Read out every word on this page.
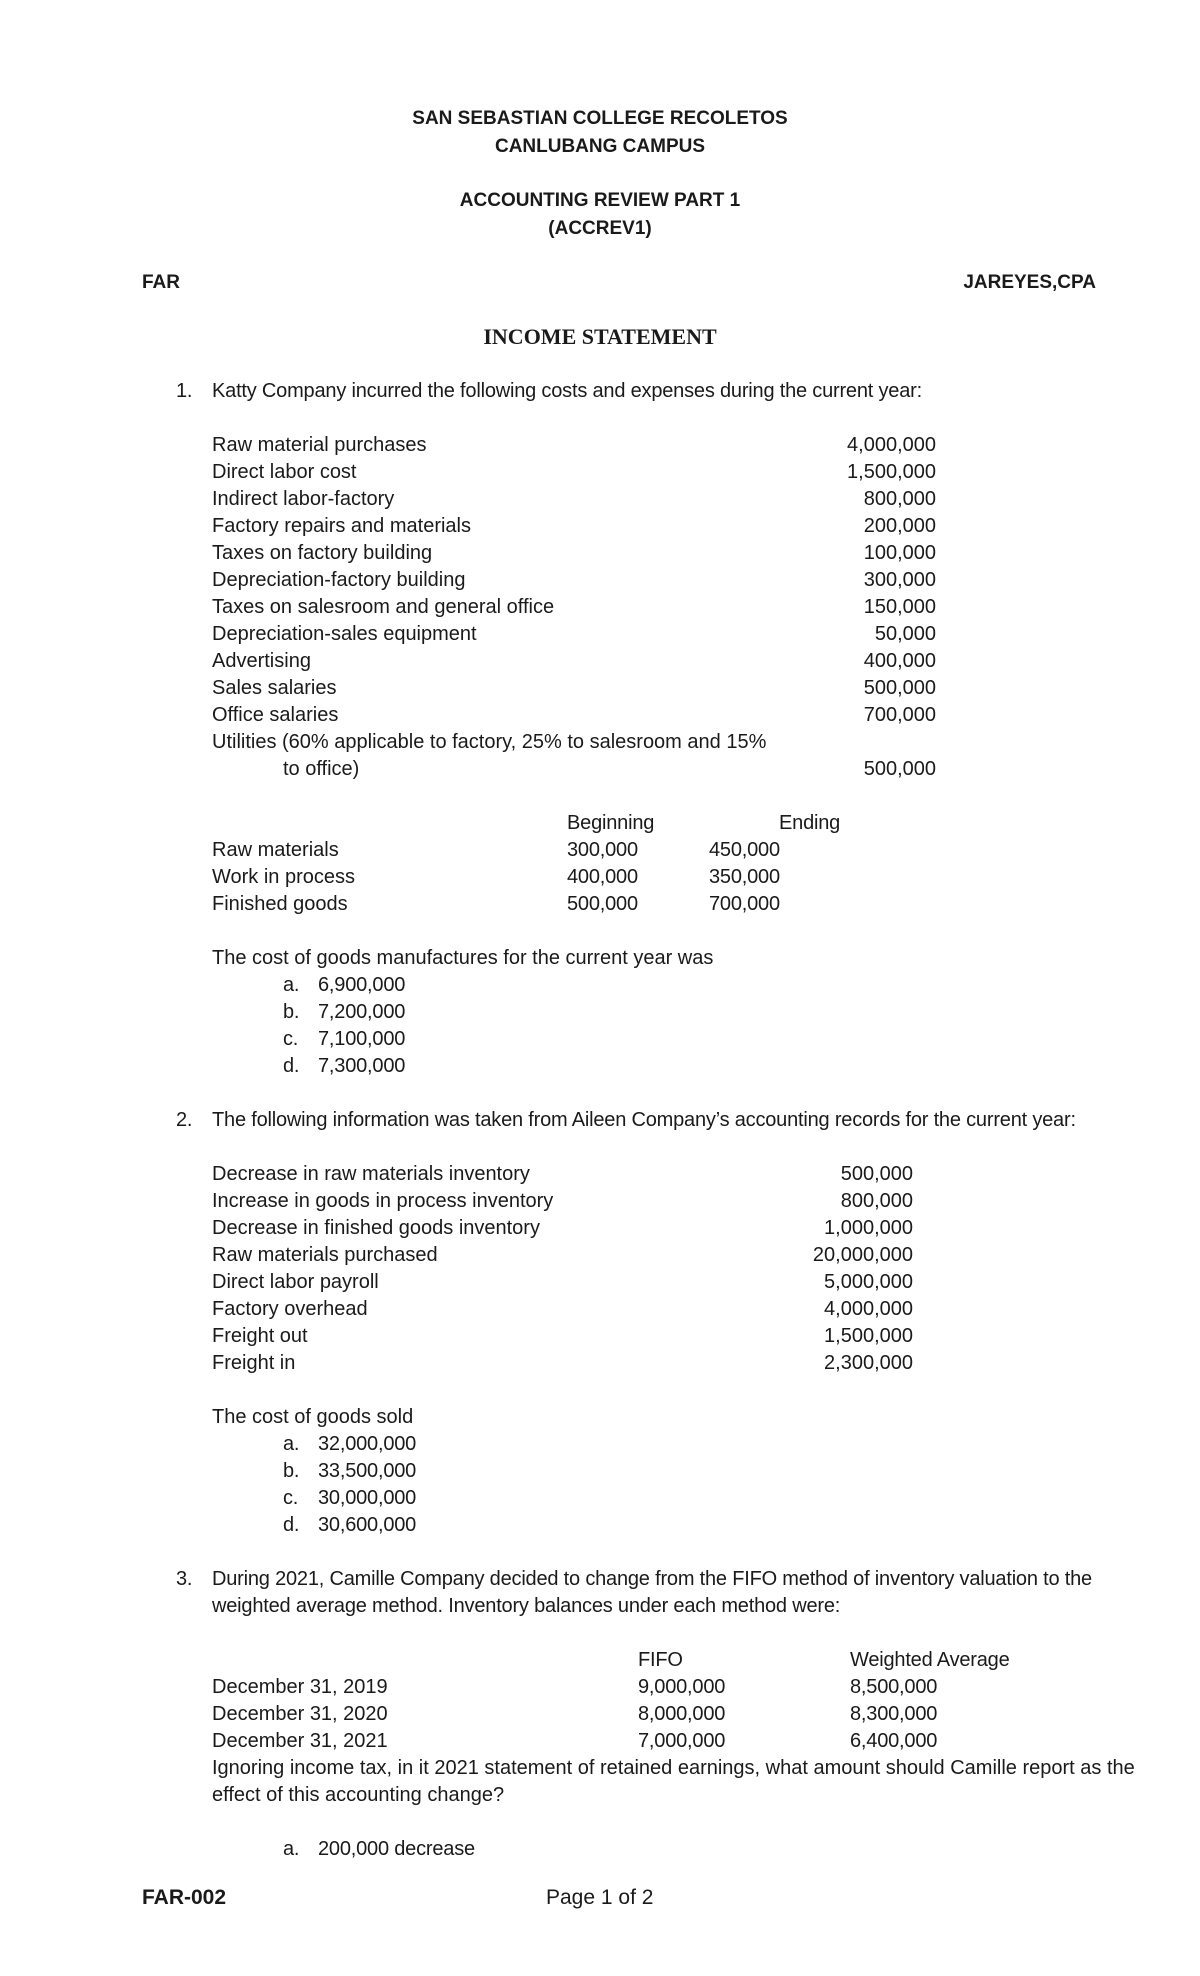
SAN SEBASTIAN COLLEGE RECOLETOS
CANLUBANG CAMPUS
ACCOUNTING REVIEW PART 1
(ACCREV1)
FAR	JAREYES,CPA
INCOME STATEMENT
1. Katty Company incurred the following costs and expenses during the current year:
Raw material purchases	4,000,000
Direct labor cost	1,500,000
Indirect labor-factory	800,000
Factory repairs and materials	200,000
Taxes on factory building	100,000
Depreciation-factory building	300,000
Taxes on salesroom and general office	150,000
Depreciation-sales equipment	50,000
Advertising	400,000
Sales salaries	500,000
Office salaries	700,000
Utilities (60% applicable to factory, 25% to salesroom and 15%
to office)	500,000
Beginning	Ending
Raw materials	300,000	450,000
Work in process	400,000	350,000
Finished goods	500,000	700,000
The cost of goods manufactures for the current year was
a. 6,900,000
b. 7,200,000
c. 7,100,000
d. 7,300,000
2. The following information was taken from Aileen Company’s accounting records for the current year:
Decrease in raw materials inventory	500,000
Increase in goods in process inventory	800,000
Decrease in finished goods inventory	1,000,000
Raw materials purchased	20,000,000
Direct labor payroll	5,000,000
Factory overhead	4,000,000
Freight out	1,500,000
Freight in	2,300,000
The cost of goods sold
a. 32,000,000
b. 33,500,000
c. 30,000,000
d. 30,600,000
3. During 2021, Camille Company decided to change from the FIFO method of inventory valuation to the
weighted average method. Inventory balances under each method were:
FIFO	Weighted Average
December 31, 2019	9,000,000	8,500,000
December 31, 2020	8,000,000	8,300,000
December 31, 2021	7,000,000	6,400,000
Ignoring income tax, in it 2021 statement of retained earnings, what amount should Camille report as the
effect of this accounting change?
a. 200,000 decrease
FAR-002	Page 1 of 2
